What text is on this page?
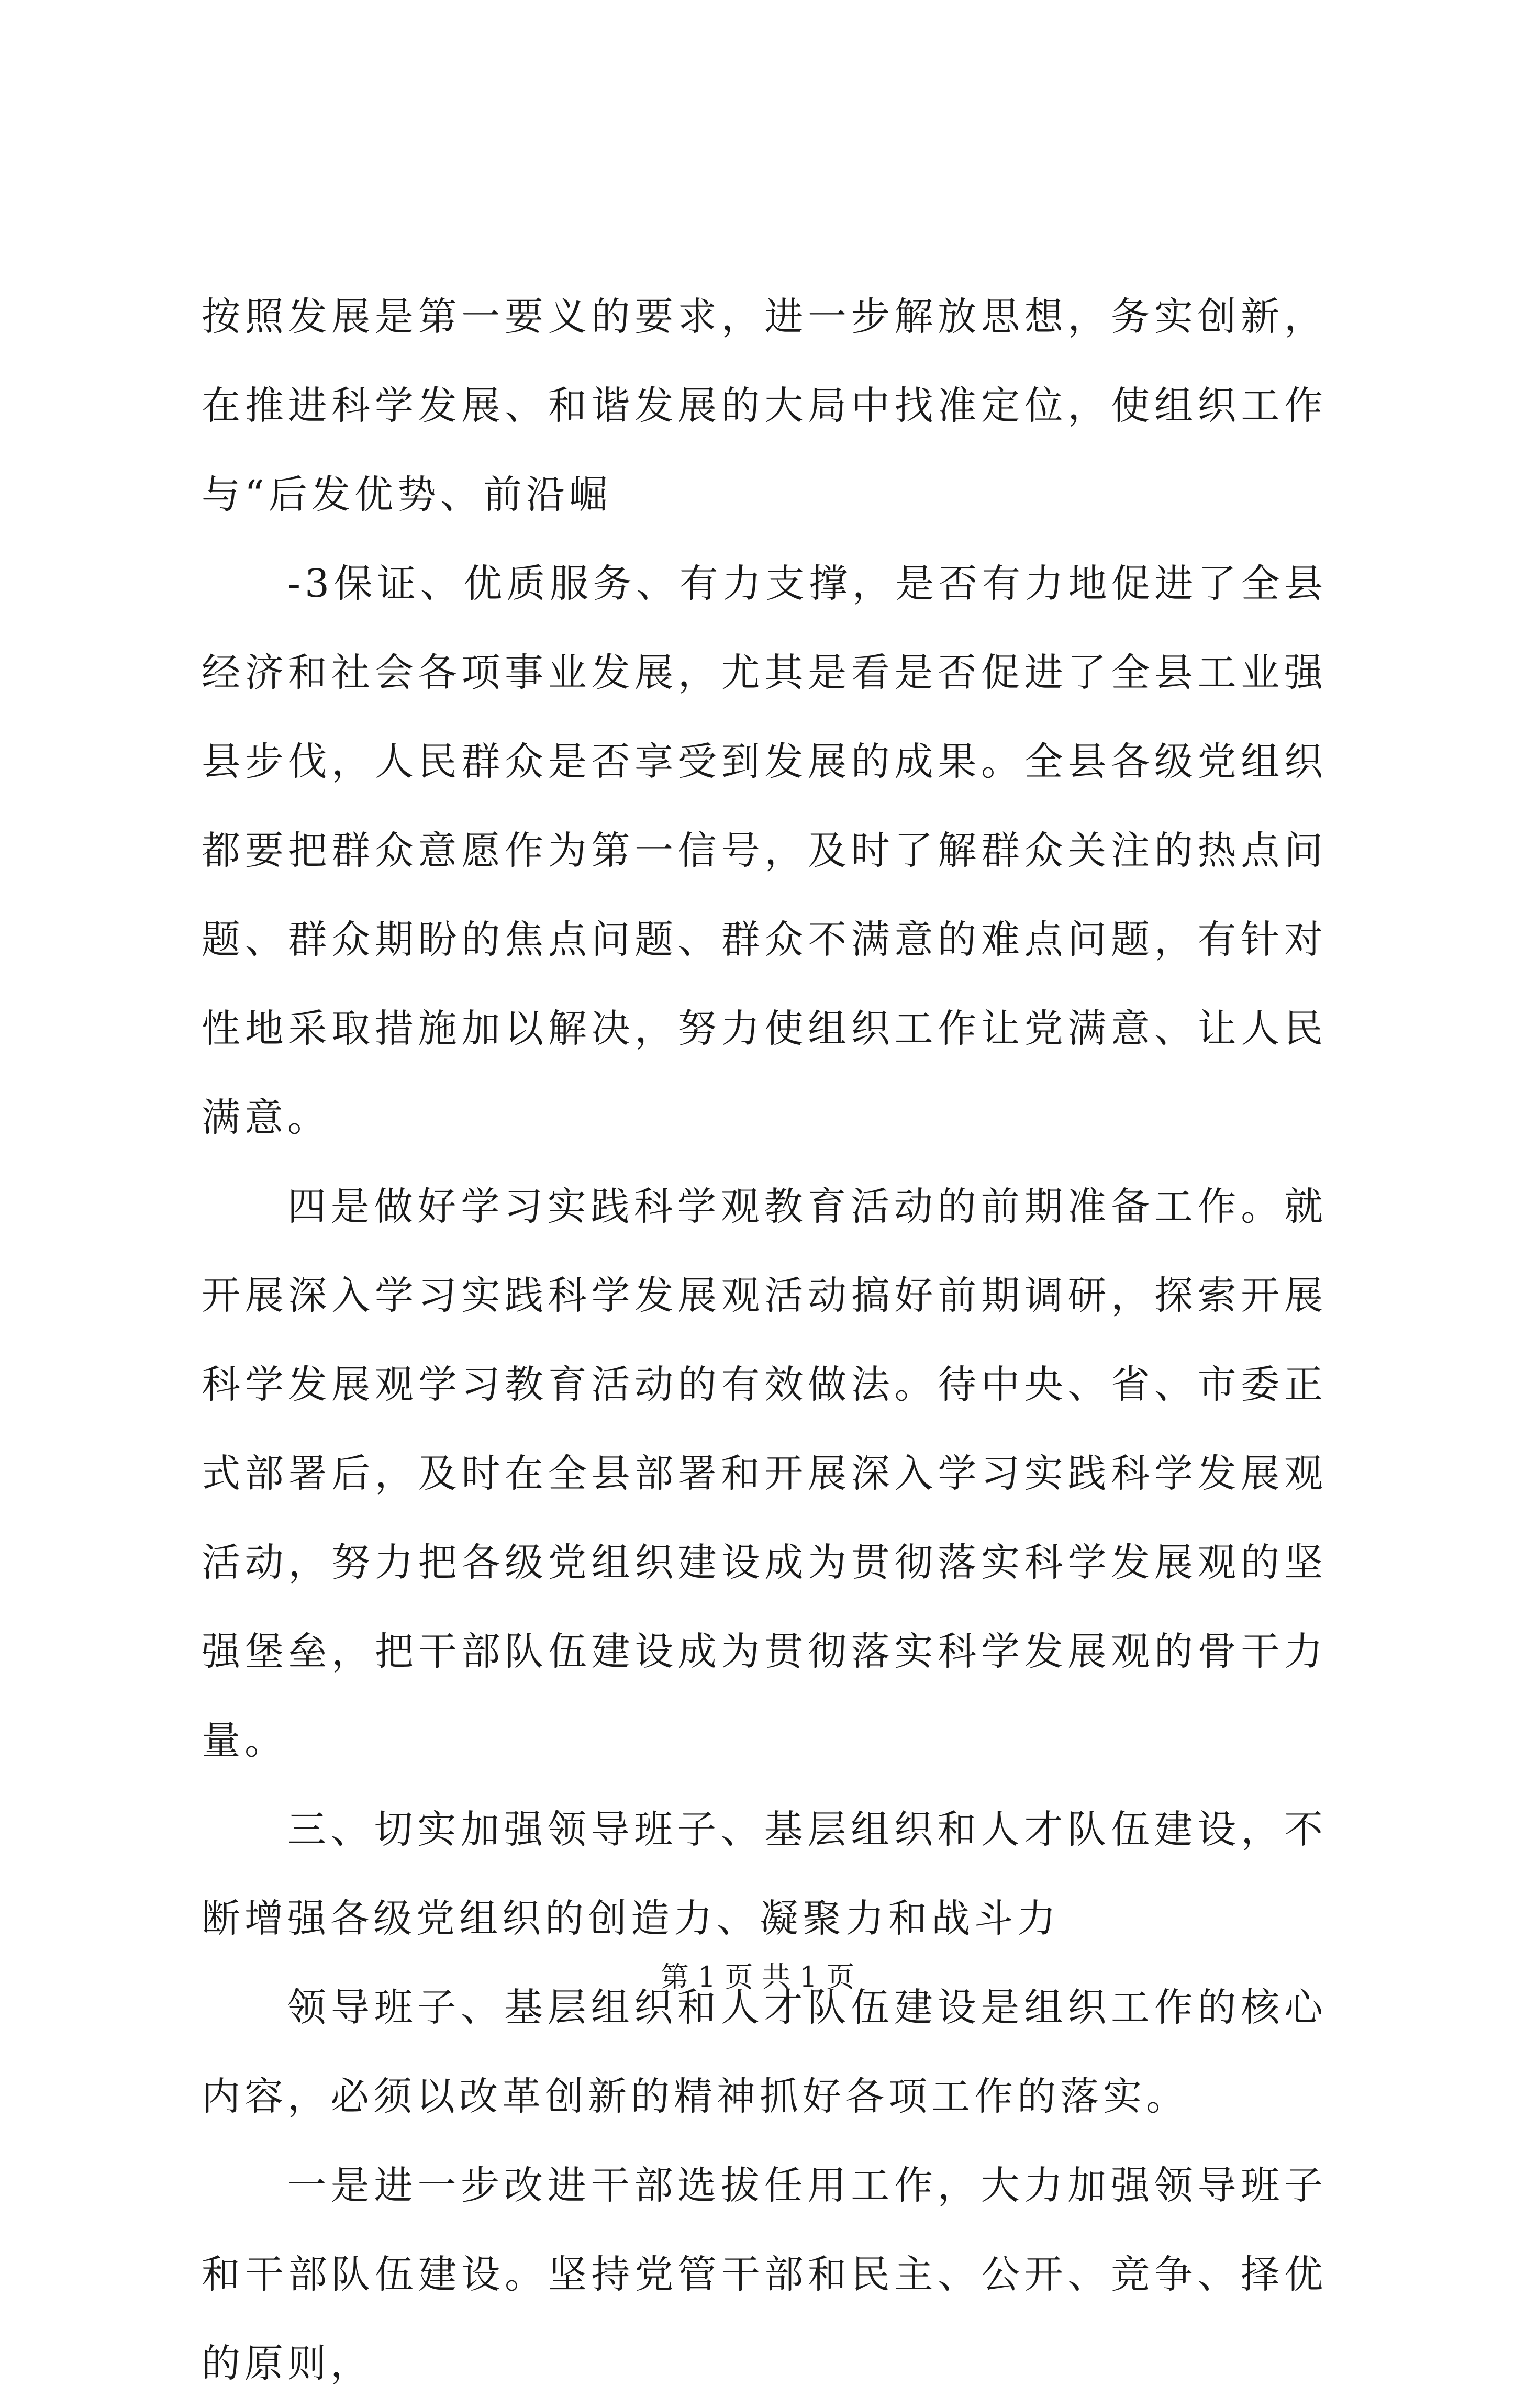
按照发展是第一要义的要求，进一步解放思想，务实创新，在推进科学发展、和谐发展的大局中找准定位，使组织工作与“后发优势、前沿崛

-3保证、优质服务、有力支撑，是否有力地促进了全县经济和社会各项事业发展，尤其是看是否促进了全县工业强县步伐，人民群众是否享受到发展的成果。全县各级党组织都要把群众意愿作为第一信号，及时了解群众关注的热点问题、群众期盼的焦点问题、群众不满意的难点问题，有针对性地采取措施加以解决，努力使组织工作让党满意、让人民满意。

四是做好学习实践科学观教育活动的前期准备工作。就开展深入学习实践科学发展观活动搞好前期调研，探索开展科学发展观学习教育活动的有效做法。待中央、省、市委正式部署后，及时在全县部署和开展深入学习实践科学发展观活动，努力把各级党组织建设成为贯彻落实科学发展观的坚强堡垒，把干部队伍建设成为贯彻落实科学发展观的骨干力量。

三、切实加强领导班子、基层组织和人才队伍建设，不断增强各级党组织的创造力、凝聚力和战斗力

领导班子、基层组织和人才队伍建设是组织工作的核心内容，必须以改革创新的精神抓好各项工作的落实。

一是进一步改进干部选拔任用工作，大力加强领导班子和干部队伍建设。坚持党管干部和民主、公开、竞争、择优的原则，

第 1 页 共 1 页
